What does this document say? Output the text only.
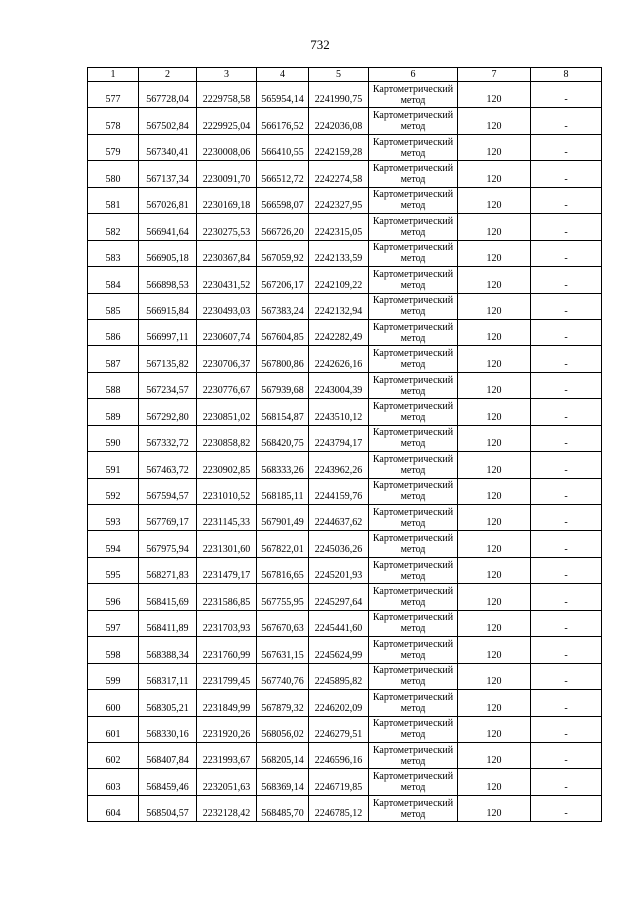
732
1	2	3	4	5	6	7	8
577	567728,04	2229758,58	565954,14	2241990,75	Картометрический метод	120	-
578	567502,84	2229925,04	566176,52	2242036,08	Картометрический метод	120	-
579	567340,41	2230008,06	566410,55	2242159,28	Картометрический метод	120	-
580	567137,34	2230091,70	566512,72	2242274,58	Картометрический метод	120	-
581	567026,81	2230169,18	566598,07	2242327,95	Картометрический метод	120	-
582	566941,64	2230275,53	566726,20	2242315,05	Картометрический метод	120	-
583	566905,18	2230367,84	567059,92	2242133,59	Картометрический метод	120	-
584	566898,53	2230431,52	567206,17	2242109,22	Картометрический метод	120	-
585	566915,84	2230493,03	567383,24	2242132,94	Картометрический метод	120	-
586	566997,11	2230607,74	567604,85	2242282,49	Картометрический метод	120	-
587	567135,82	2230706,37	567800,86	2242626,16	Картометрический метод	120	-
588	567234,57	2230776,67	567939,68	2243004,39	Картометрический метод	120	-
589	567292,80	2230851,02	568154,87	2243510,12	Картометрический метод	120	-
590	567332,72	2230858,82	568420,75	2243794,17	Картометрический метод	120	-
591	567463,72	2230902,85	568333,26	2243962,26	Картометрический метод	120	-
592	567594,57	2231010,52	568185,11	2244159,76	Картометрический метод	120	-
593	567769,17	2231145,33	567901,49	2244637,62	Картометрический метод	120	-
594	567975,94	2231301,60	567822,01	2245036,26	Картометрический метод	120	-
595	568271,83	2231479,17	567816,65	2245201,93	Картометрический метод	120	-
596	568415,69	2231586,85	567755,95	2245297,64	Картометрический метод	120	-
597	568411,89	2231703,93	567670,63	2245441,60	Картометрический метод	120	-
598	568388,34	2231760,99	567631,15	2245624,99	Картометрический метод	120	-
599	568317,11	2231799,45	567740,76	2245895,82	Картометрический метод	120	-
600	568305,21	2231849,99	567879,32	2246202,09	Картометрический метод	120	-
601	568330,16	2231920,26	568056,02	2246279,51	Картометрический метод	120	-
602	568407,84	2231993,67	568205,14	2246596,16	Картометрический метод	120	-
603	568459,46	2232051,63	568369,14	2246719,85	Картометрический метод	120	-
604	568504,57	2232128,42	568485,70	2246785,12	Картометрический метод	120	-
